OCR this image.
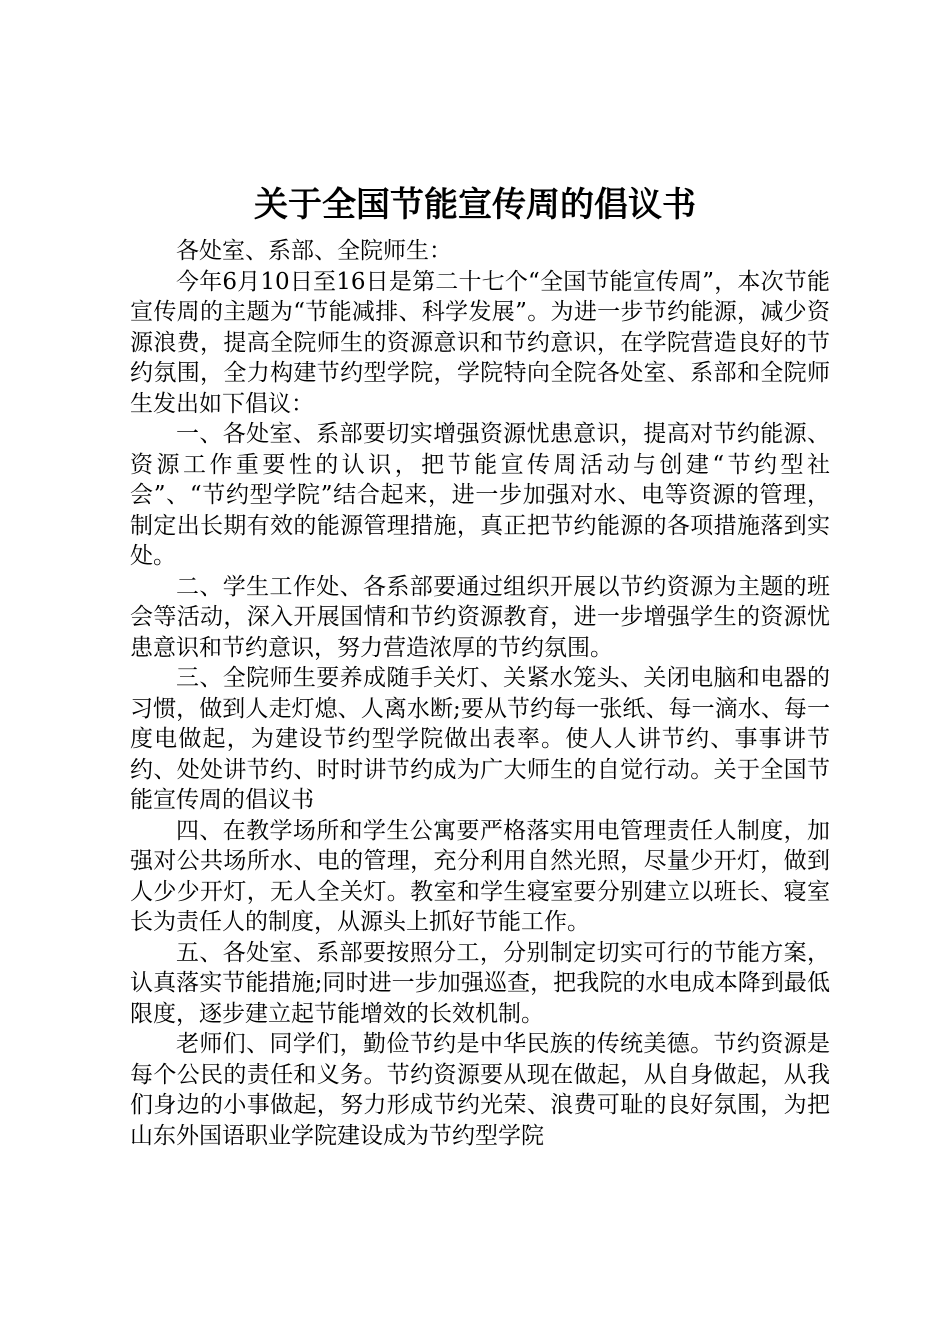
关于全国节能宣传周的倡议书

各处室、系部、全院师生：

今年6月10日至16日是第二十七个“全国节能宣传周”，本次节能宣传周的主题为“节能减排、科学发展”。为进一步节约能源，减少资源浪费，提高全院师生的资源意识和节约意识，在学院营造良好的节约氛围，全力构建节约型学院，学院特向全院各处室、系部和全院师生发出如下倡议：

一、各处室、系部要切实增强资源忧患意识，提高对节约能源、资源工作重要性的认识，把节能宣传周活动与创建“节约型社会”、“节约型学院”结合起来，进一步加强对水、电等资源的管理，制定出长期有效的能源管理措施，真正把节约能源的各项措施落到实处。

二、学生工作处、各系部要通过组织开展以节约资源为主题的班会等活动，深入开展国情和节约资源教育，进一步增强学生的资源忧患意识和节约意识，努力营造浓厚的节约氛围。

三、全院师生要养成随手关灯、关紧水笼头、关闭电脑和电器的习惯，做到人走灯熄、人离水断;要从节约每一张纸、每一滴水、每一度电做起，为建设节约型学院做出表率。使人人讲节约、事事讲节约、处处讲节约、时时讲节约成为广大师生的自觉行动。关于全国节能宣传周的倡议书

四、在教学场所和学生公寓要严格落实用电管理责任人制度，加强对公共场所水、电的管理，充分利用自然光照，尽量少开灯，做到人少少开灯，无人全关灯。教室和学生寝室要分别建立以班长、寝室长为责任人的制度，从源头上抓好节能工作。

五、各处室、系部要按照分工，分别制定切实可行的节能方案，认真落实节能措施;同时进一步加强巡查，把我院的水电成本降到最低限度，逐步建立起节能增效的长效机制。

老师们、同学们，勤俭节约是中华民族的传统美德。节约资源是每个公民的责任和义务。节约资源要从现在做起，从自身做起，从我们身边的小事做起，努力形成节约光荣、浪费可耻的良好氛围，为把山东外国语职业学院建设成为节约型学院
